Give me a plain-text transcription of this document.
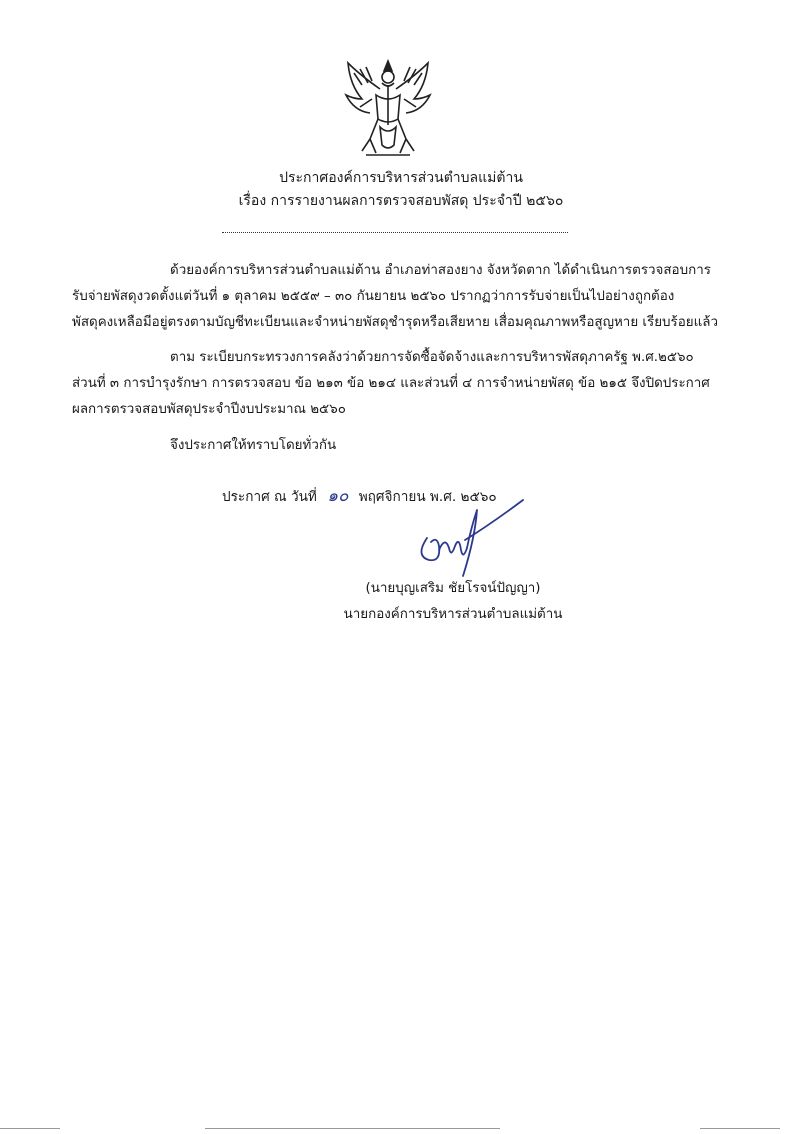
ประกาศองค์การบริหารส่วนตำบลแม่ต้าน
เรื่อง การรายงานผลการตรวจสอบพัสดุ ประจำปี ๒๕๖๐
ด้วยองค์การบริหารส่วนตำบลแม่ต้าน อำเภอท่าสองยาง จังหวัดตาก ได้ดำเนินการตรวจสอบการ
รับจ่ายพัสดุงวดตั้งแต่วันที่ ๑ ตุลาคม ๒๕๕๙ – ๓๐ กันยายน ๒๕๖๐ ปรากฏว่าการรับจ่ายเป็นไปอย่างถูกต้อง
พัสดุคงเหลือมีอยู่ตรงตามบัญชีทะเบียนและจำหน่ายพัสดุชำรุดหรือเสียหาย เสื่อมคุณภาพหรือสูญหาย เรียบร้อยแล้ว
ตาม ระเบียบกระทรวงการคลังว่าด้วยการจัดซื้อจัดจ้างและการบริหารพัสดุภาครัฐ พ.ศ.๒๕๖๐
ส่วนที่ ๓ การบำรุงรักษา การตรวจสอบ ข้อ ๒๑๓ ข้อ ๒๑๔ และส่วนที่ ๔ การจำหน่ายพัสดุ ข้อ ๒๑๕ จึงปิดประกาศ
ผลการตรวจสอบพัสดุประจำปีงบประมาณ ๒๕๖๐
จึงประกาศให้ทราบโดยทั่วกัน
ประกาศ ณ วันที่ ๑๐ พฤศจิกายน พ.ศ. ๒๕๖๐
(นายบุญเสริม ชัยโรจน์ปัญญา)
นายกองค์การบริหารส่วนตำบลแม่ต้าน
